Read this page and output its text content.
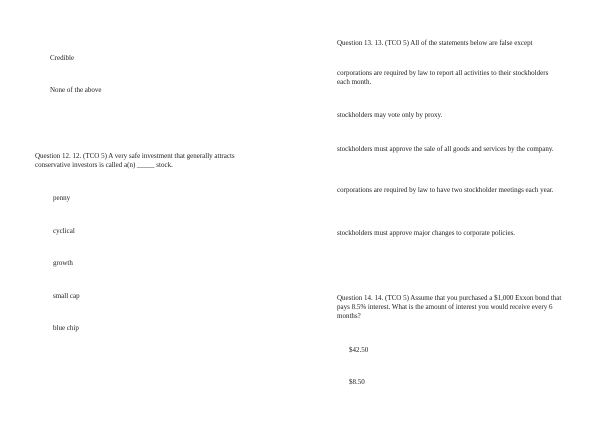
Credible

None of the above

Question 12. 12. (TCO 5) A very safe investment that generally attracts conservative investors is called a(n) _____ stock.

penny

cyclical

growth

small cap

blue chip

Question 13. 13. (TCO 5) All of the statements below are false except

corporations are required by law to report all activities to their stockholders each month.

stockholders may vote only by proxy.

stockholders must approve the sale of all goods and services by the company.

corporations are required by law to have two stockholder meetings each year.

stockholders must approve major changes to corporate policies.

Question 14. 14. (TCO 5) Assume that you purchased a $1,000 Exxon bond that pays 8.5% interest. What is the amount of interest you would receive every 6 months?

$42.50

$8.50
